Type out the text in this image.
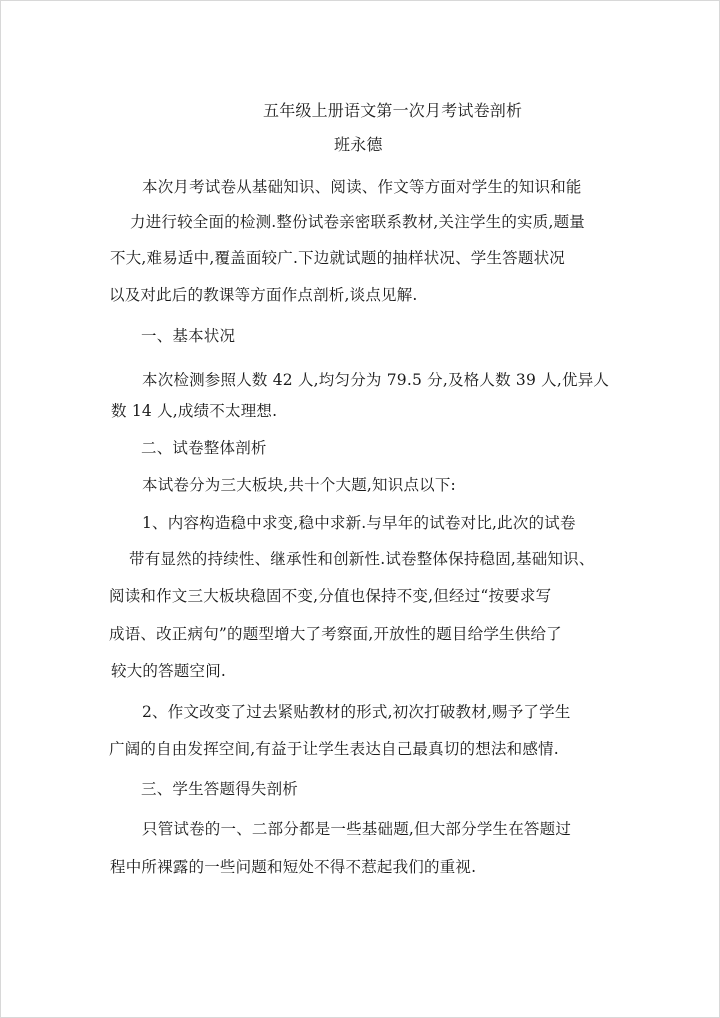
五年级上册语文第一次月考试卷剖析
班永德
本次月考试卷从基础知识、阅读、作文等方面对学生的知识和能
力进行较全面的检测.整份试卷亲密联系教材,关注学生的实质,题量
不大,难易适中,覆盖面较广.下边就试题的抽样状况、学生答题状况
以及对此后的教课等方面作点剖析,谈点见解.
一、基本状况
本次检测参照人数 42 人,均匀分为 79.5 分,及格人数 39 人,优异人
数 14 人,成绩不太理想.
二、试卷整体剖析
本试卷分为三大板块,共十个大题,知识点以下:
1、内容构造稳中求变,稳中求新.与早年的试卷对比,此次的试卷
带有显然的持续性、继承性和创新性.试卷整体保持稳固,基础知识、
阅读和作文三大板块稳固不变,分值也保持不变,但经过“按要求写
成语、改正病句”的题型增大了考察面,开放性的题目给学生供给了
较大的答题空间.
2、作文改变了过去紧贴教材的形式,初次打破教材,赐予了学生
广阔的自由发挥空间,有益于让学生表达自己最真切的想法和感情.
三、学生答题得失剖析
只管试卷的一、二部分都是一些基础题,但大部分学生在答题过
程中所裸露的一些问题和短处不得不惹起我们的重视.
